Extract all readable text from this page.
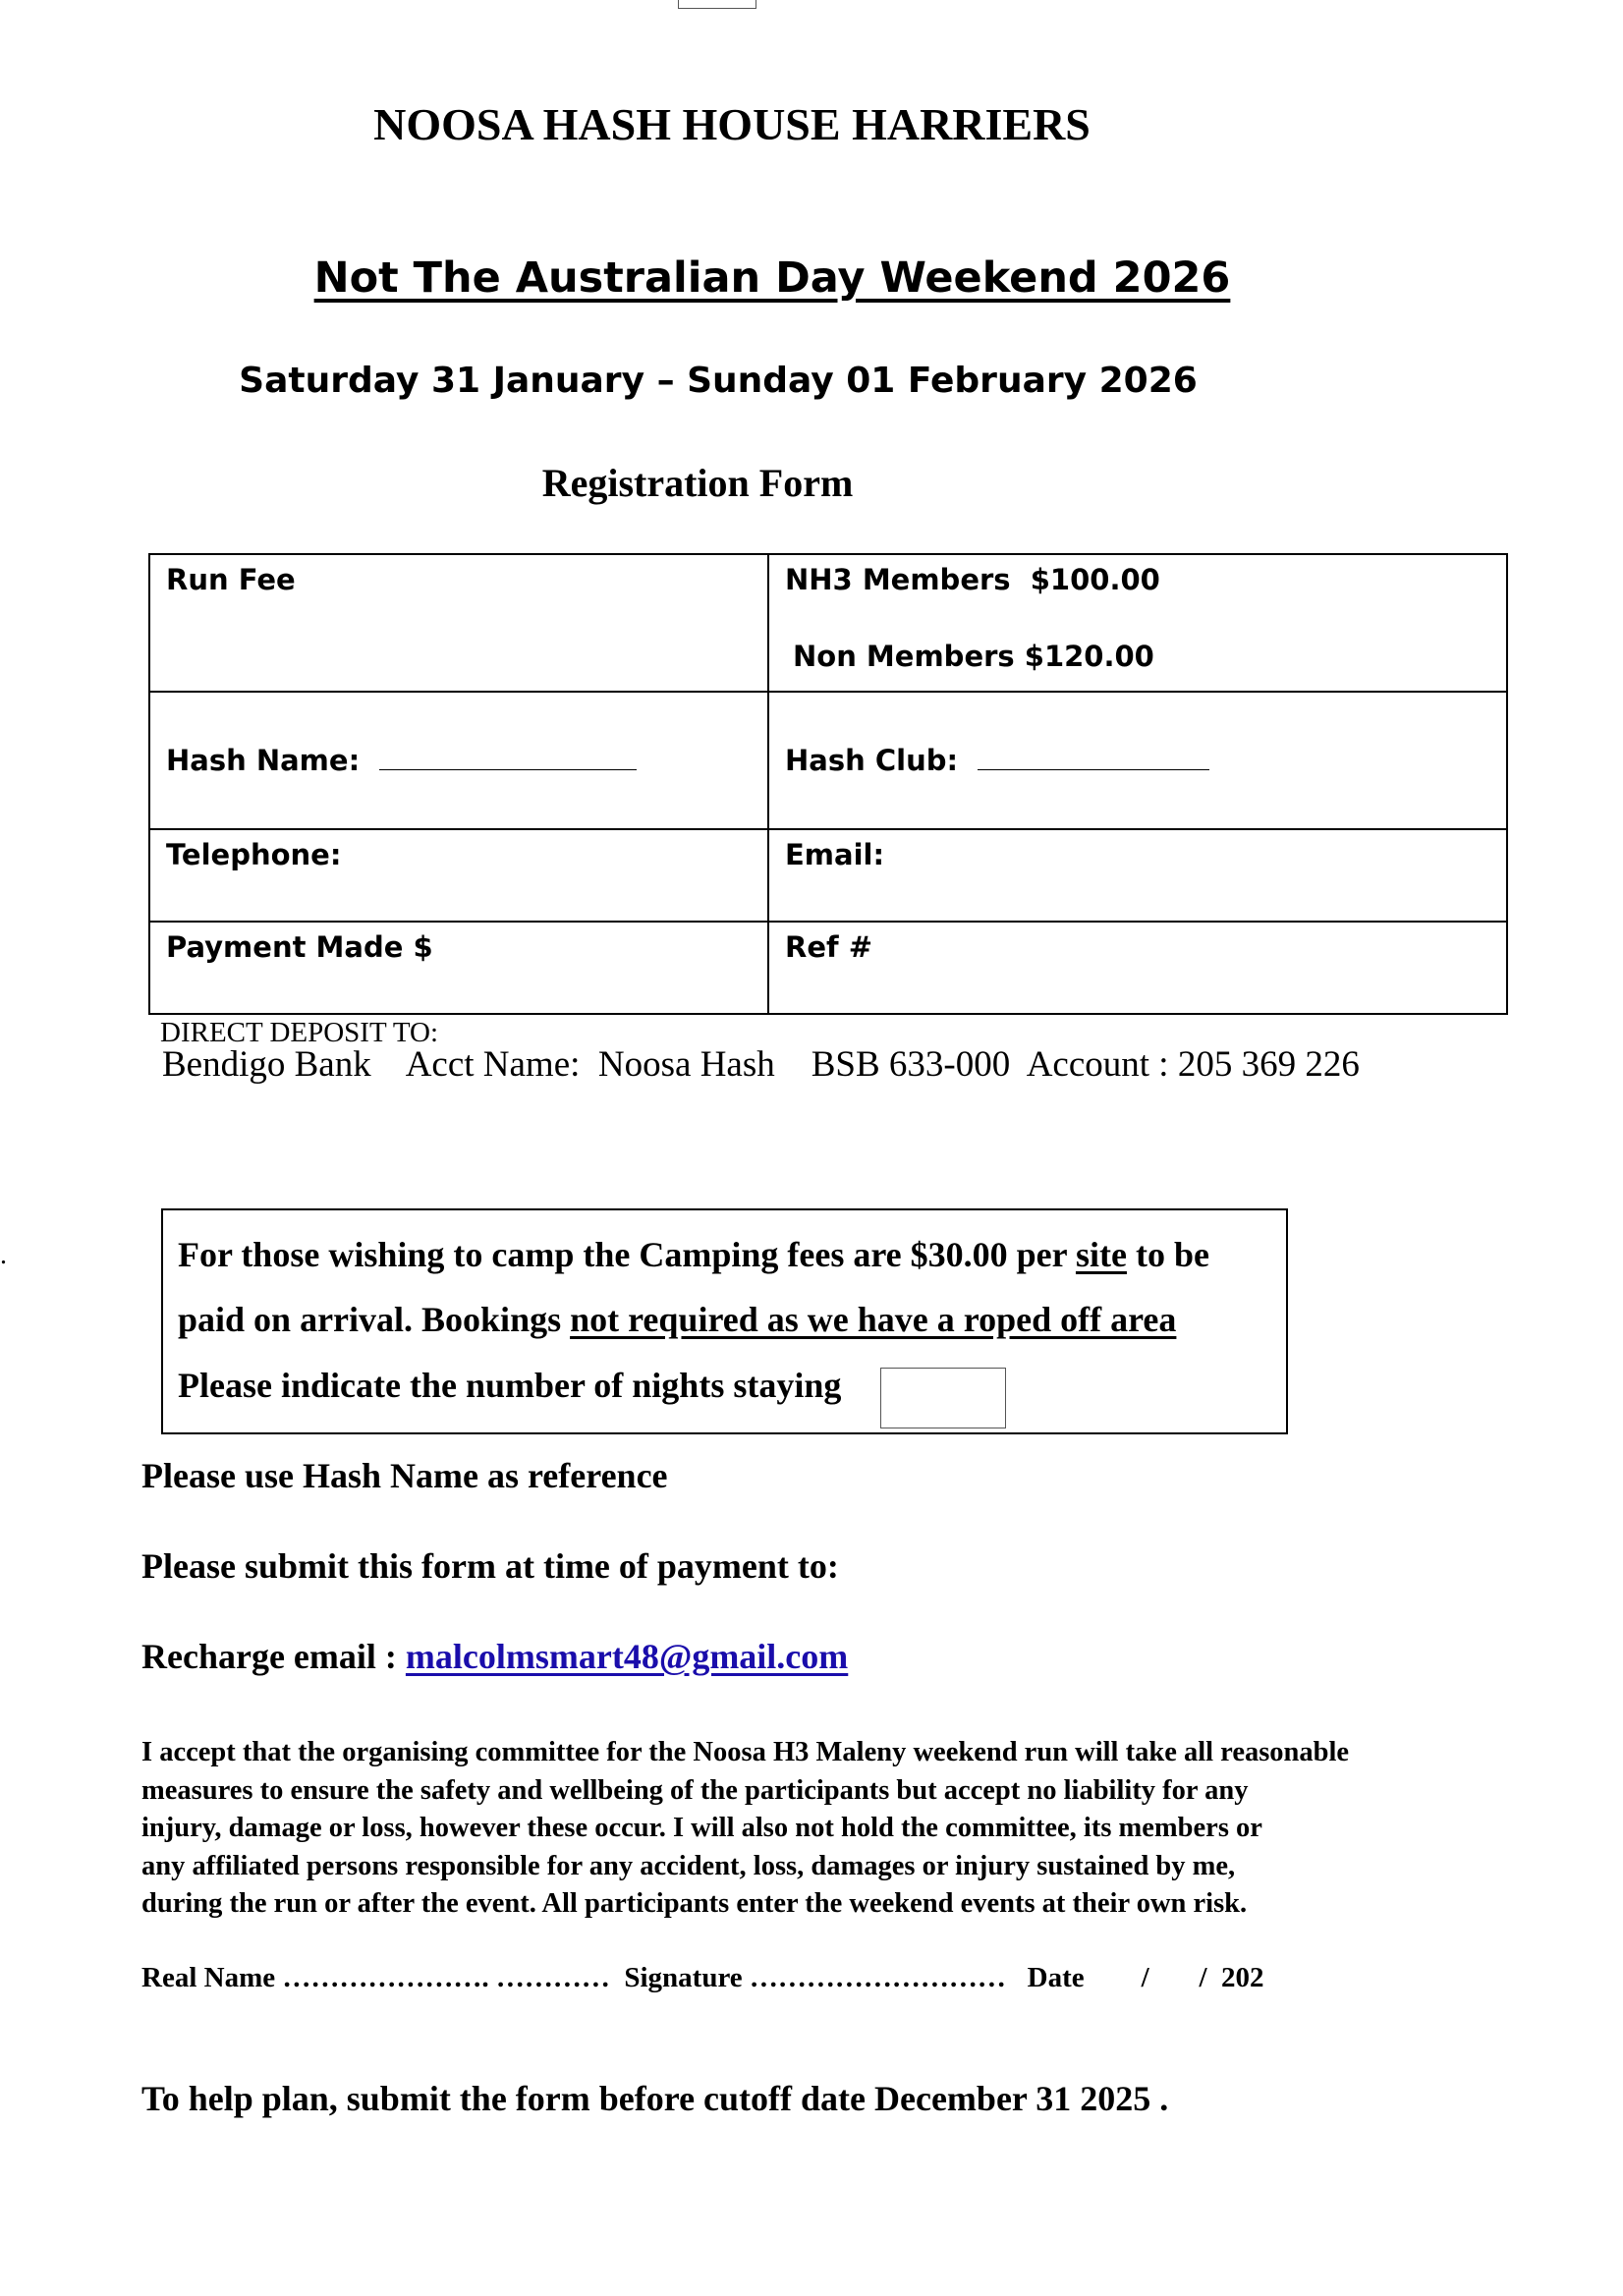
NOOSA HASH HOUSE HARRIERS
Not The Australian Day Weekend 2026
Saturday 31 January – Sunday 01 February 2026
Registration Form
Run Fee	NH3 Members  $100.00
Non Members $120.00

Hash Name:	Hash Club:
Telephone:	Email:
Payment Made $	Ref #
DIRECT DEPOSIT TO:
Bendigo Bank    Acct Name:  Noosa Hash    BSB 633-000  Account : 205 369 226
.	For those wishing to camp the Camping fees are $30.00 per site to be
paid on arrival. Bookings not required as we have a roped off area
Please indicate the number of nights staying
Please use Hash Name as reference
Please submit this form at time of payment to:
Recharge email : malcolmsmart48@gmail.com
I accept that the organising committee for the Noosa H3 Maleny weekend run will take all reasonable
measures to ensure the safety and wellbeing of the participants but accept no liability for any
injury, damage or loss, however these occur. I will also not hold the committee, its members or
any affiliated persons responsible for any accident, loss, damages or injury sustained by me,
during the run or after the event. All participants enter the weekend events at their own risk.
Real Name …………………. …………  Signature ………………………   Date        /       /  202
To help plan, submit the form before cutoff date December 31 2025 .
